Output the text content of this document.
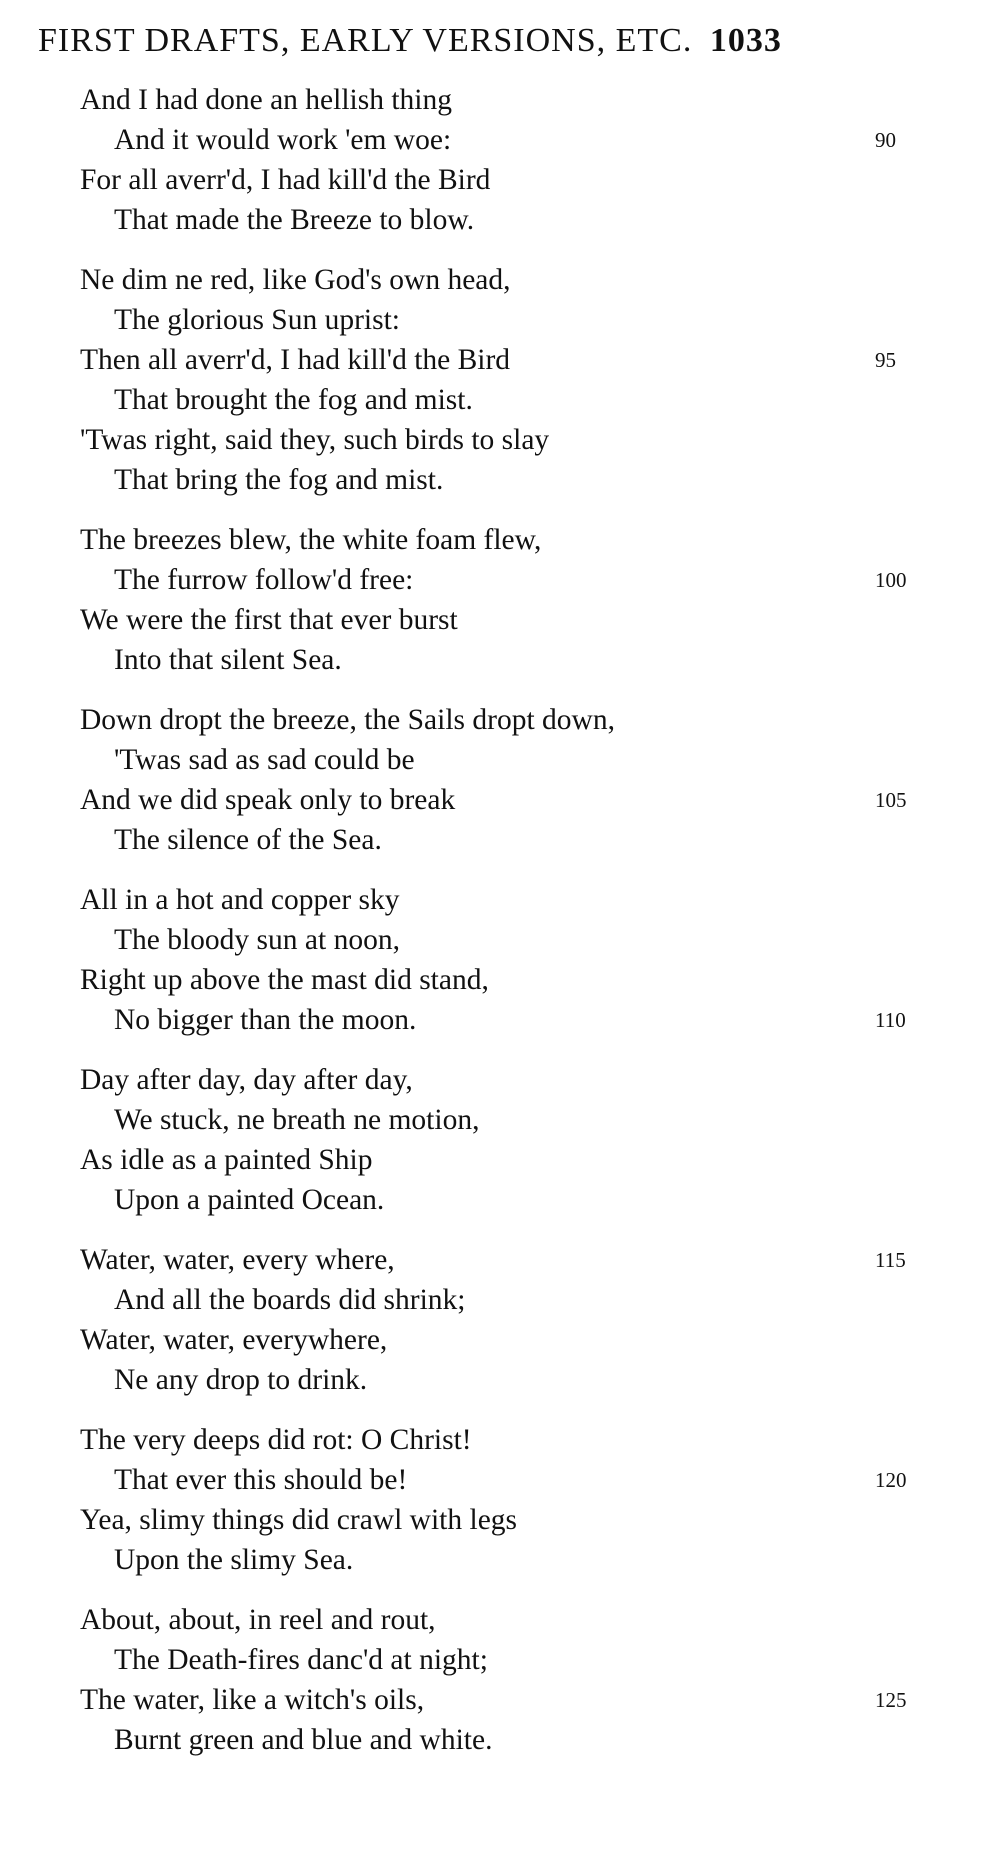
FIRST DRAFTS, EARLY VERSIONS, ETC. 1033
And I had done an hellish thing
And it would work 'em woe:	90
For all averr'd, I had kill'd the Bird
That made the Breeze to blow.
Ne dim ne red, like God's own head,
The glorious Sun uprist:
Then all averr'd, I had kill'd the Bird	95
That brought the fog and mist.
'Twas right, said they, such birds to slay
That bring the fog and mist.
The breezes blew, the white foam flew,
The furrow follow'd free:	100
We were the first that ever burst
Into that silent Sea.
Down dropt the breeze, the Sails dropt down,
'Twas sad as sad could be
And we did speak only to break	105
The silence of the Sea.
All in a hot and copper sky
The bloody sun at noon,
Right up above the mast did stand,
No bigger than the moon.	110
Day after day, day after day,
We stuck, ne breath ne motion,
As idle as a painted Ship
Upon a painted Ocean.
Water, water, every where,	115
And all the boards did shrink;
Water, water, everywhere,
Ne any drop to drink.
The very deeps did rot: O Christ!
That ever this should be!	120
Yea, slimy things did crawl with legs
Upon the slimy Sea.
About, about, in reel and rout,
The Death-fires danc'd at night;
The water, like a witch's oils,	125
Burnt green and blue and white.
